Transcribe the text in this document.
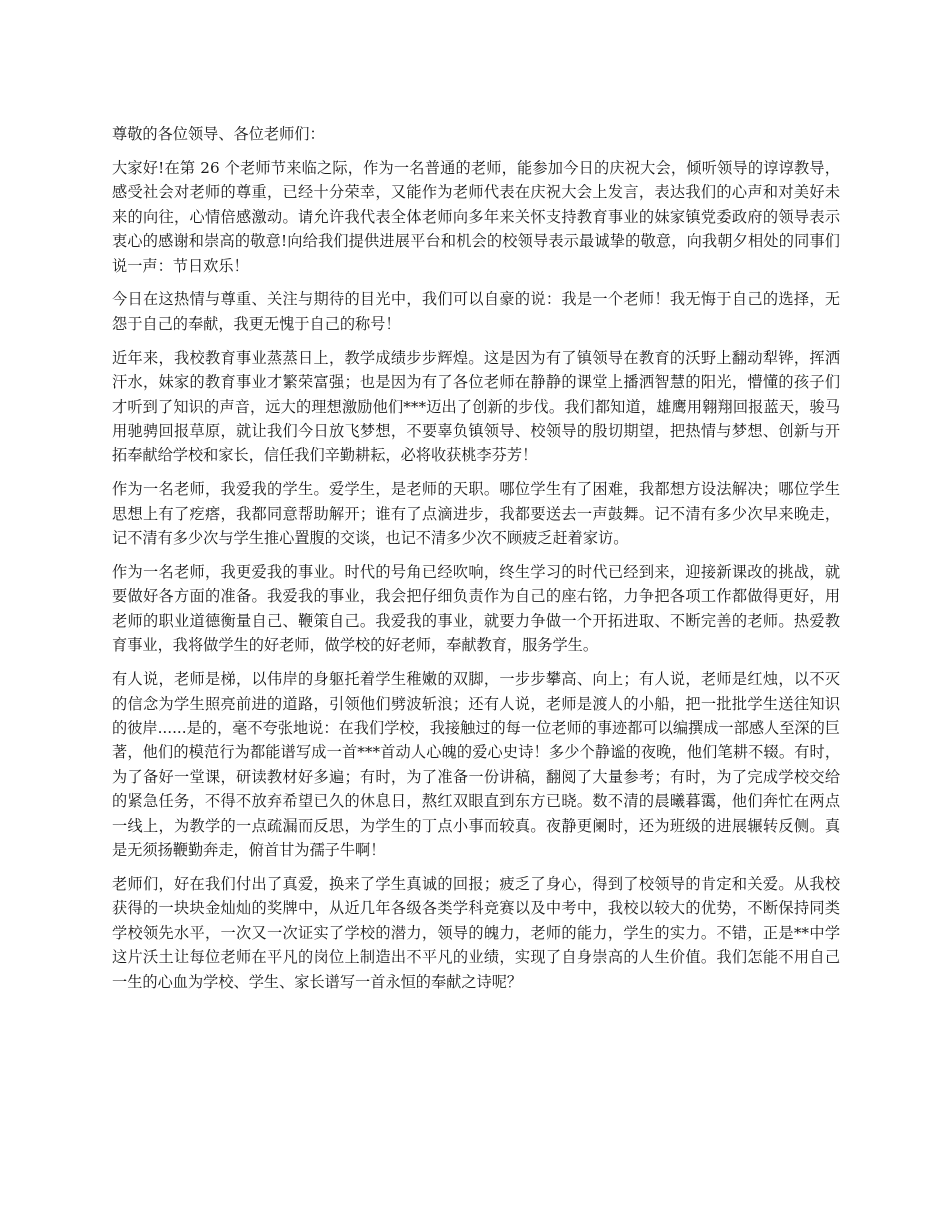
尊敬的各位领导、各位老师们：

大家好!在第 26 个老师节来临之际，作为一名普通的老师，能参加今日的庆祝大会，倾听领导的谆谆教导，感受社会对老师的尊重，已经十分荣幸，又能作为老师代表在庆祝大会上发言，表达我们的心声和对美好未来的向往，心情倍感激动。请允许我代表全体老师向多年来关怀支持教育事业的妹家镇党委政府的领导表示衷心的感谢和崇高的敬意!向给我们提供进展平台和机会的校领导表示最诚挚的敬意，向我朝夕相处的同事们说一声：节日欢乐！

今日在这热情与尊重、关注与期待的目光中，我们可以自豪的说：我是一个老师！我无悔于自己的选择，无怨于自己的奉献，我更无愧于自己的称号！

近年来，我校教育事业蒸蒸日上，教学成绩步步辉煌。这是因为有了镇领导在教育的沃野上翻动犁铧，挥洒汗水，妹家的教育事业才繁荣富强；也是因为有了各位老师在静静的课堂上播洒智慧的阳光，懵懂的孩子们才听到了知识的声音，远大的理想激励他们***迈出了创新的步伐。我们都知道，雄鹰用翱翔回报蓝天，骏马用驰骋回报草原，就让我们今日放飞梦想，不要辜负镇领导、校领导的殷切期望，把热情与梦想、创新与开拓奉献给学校和家长，信任我们辛勤耕耘，必将收获桃李芬芳！

作为一名老师，我爱我的学生。爱学生，是老师的天职。哪位学生有了困难，我都想方设法解决；哪位学生思想上有了疙瘩，我都同意帮助解开；谁有了点滴进步，我都要送去一声鼓舞。记不清有多少次早来晚走，记不清有多少次与学生推心置腹的交谈，也记不清多少次不顾疲乏赶着家访。

作为一名老师，我更爱我的事业。时代的号角已经吹响，终生学习的时代已经到来，迎接新课改的挑战，就要做好各方面的准备。我爱我的事业，我会把仔细负责作为自己的座右铭，力争把各项工作都做得更好，用老师的职业道德衡量自己、鞭策自己。我爱我的事业，就要力争做一个开拓进取、不断完善的老师。热爱教育事业，我将做学生的好老师，做学校的好老师，奉献教育，服务学生。

有人说，老师是梯，以伟岸的身躯托着学生稚嫩的双脚，一步步攀高、向上；有人说，老师是红烛，以不灭的信念为学生照亮前进的道路，引领他们劈波斩浪；还有人说，老师是渡人的小船，把一批批学生送往知识的彼岸......是的，毫不夸张地说：在我们学校，我接触过的每一位老师的事迹都可以编撰成一部感人至深的巨著，他们的模范行为都能谱写成一首***首动人心魄的爱心史诗！多少个静谧的夜晚，他们笔耕不辍。有时，为了备好一堂课，研读教材好多遍；有时，为了准备一份讲稿，翻阅了大量参考；有时，为了完成学校交给的紧急任务，不得不放弃希望已久的休息日，熬红双眼直到东方已晓。数不清的晨曦暮霭，他们奔忙在两点一线上，为教学的一点疏漏而反思，为学生的丁点小事而较真。夜静更阑时，还为班级的进展辗转反侧。真是无须扬鞭勤奔走，俯首甘为孺子牛啊！

老师们，好在我们付出了真爱，换来了学生真诚的回报；疲乏了身心，得到了校领导的肯定和关爱。从我校获得的一块块金灿灿的奖牌中，从近几年各级各类学科竞赛以及中考中，我校以较大的优势，不断保持同类学校领先水平，一次又一次证实了学校的潜力，领导的魄力，老师的能力，学生的实力。不错，正是**中学这片沃土让每位老师在平凡的岗位上制造出不平凡的业绩，实现了自身崇高的人生价值。我们怎能不用自己一生的心血为学校、学生、家长谱写一首永恒的奉献之诗呢？
